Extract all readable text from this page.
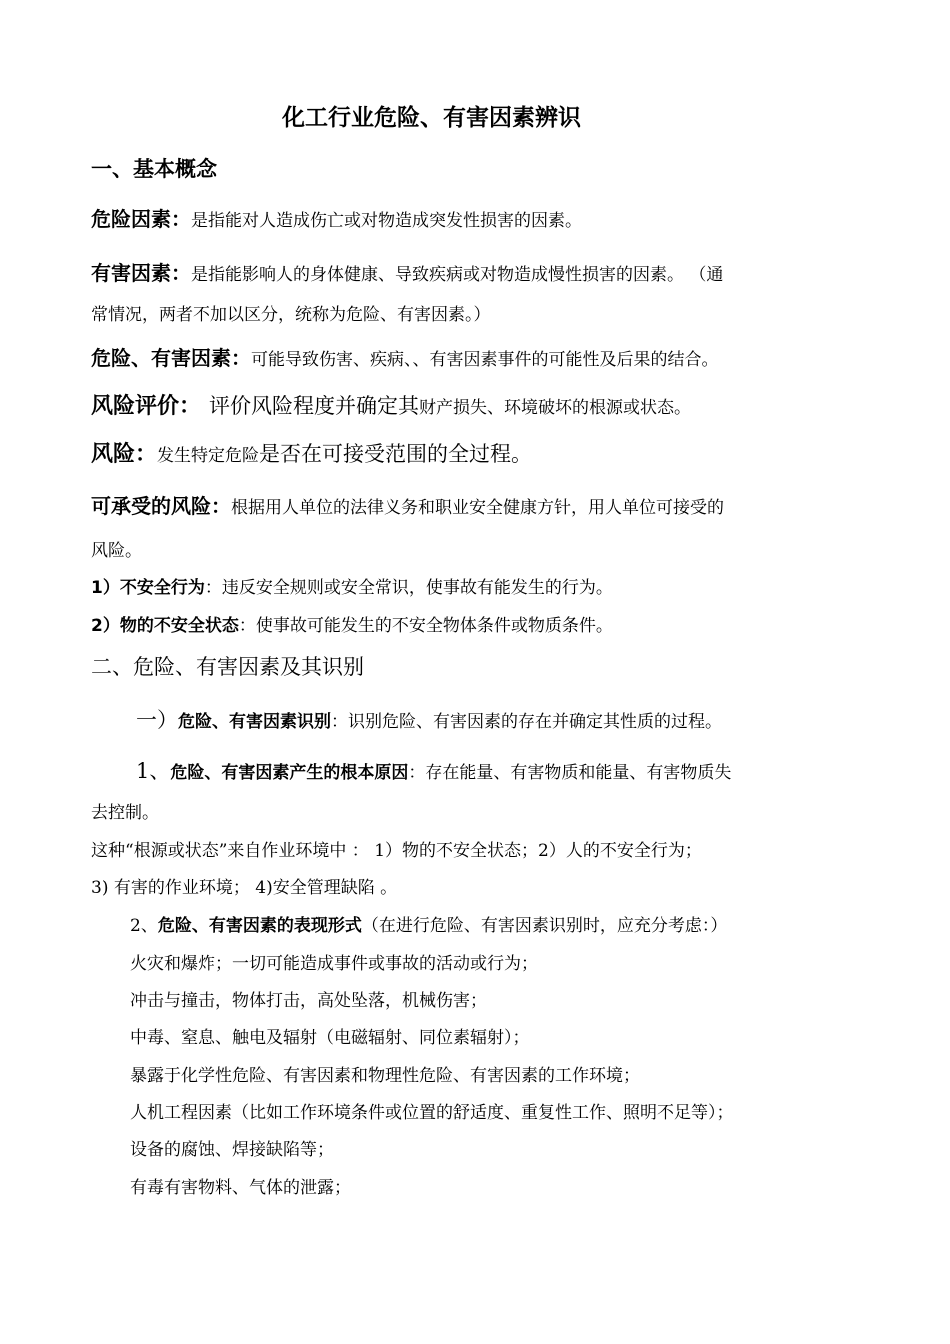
化工行业危险、有害因素辨识
一、基本概念
危险因素：是指能对人造成伤亡或对物造成突发性损害的因素。
有害因素：是指能影响人的身体健康、导致疾病或对物造成慢性损害的因素。 （通
常情况，两者不加以区分，统称为危险、有害因素。）
危险、有害因素：可能导致伤害、疾病、、有害因素事件的可能性及后果的结合。
风险评价： 评价风险程度并确定其财产损失、环境破坏的根源或状态。
风险：发生特定危险是否在可接受范围的全过程。
可承受的风险：根据用人单位的法律义务和职业安全健康方针，用人单位可接受的
风险。
1）不安全行为：违反安全规则或安全常识，使事故有能发生的行为。
2）物的不安全状态：使事故可能发生的不安全物体条件或物质条件。
二、危险、有害因素及其识别
一）危险、有害因素识别：识别危险、有害因素的存在并确定其性质的过程。
1、危险、有害因素产生的根本原因：存在能量、有害物质和能量、有害物质失
去控制。
这种“根源或状态”来自作业环境中 ： 1）物的不安全状态；2）人的不安全行为；
3) 有害的作业环境； 4)安全管理缺陷 。
2、危险、有害因素的表现形式（在进行危险、有害因素识别时，应充分考虑：）
火灾和爆炸；一切可能造成事件或事故的活动或行为；
冲击与撞击，物体打击，高处坠落，机械伤害；
中毒、窒息、触电及辐射（电磁辐射、同位素辐射）；
暴露于化学性危险、有害因素和物理性危险、有害因素的工作环境；
人机工程因素（比如工作环境条件或位置的舒适度、重复性工作、照明不足等）；
设备的腐蚀、焊接缺陷等；
有毒有害物料、气体的泄露；
